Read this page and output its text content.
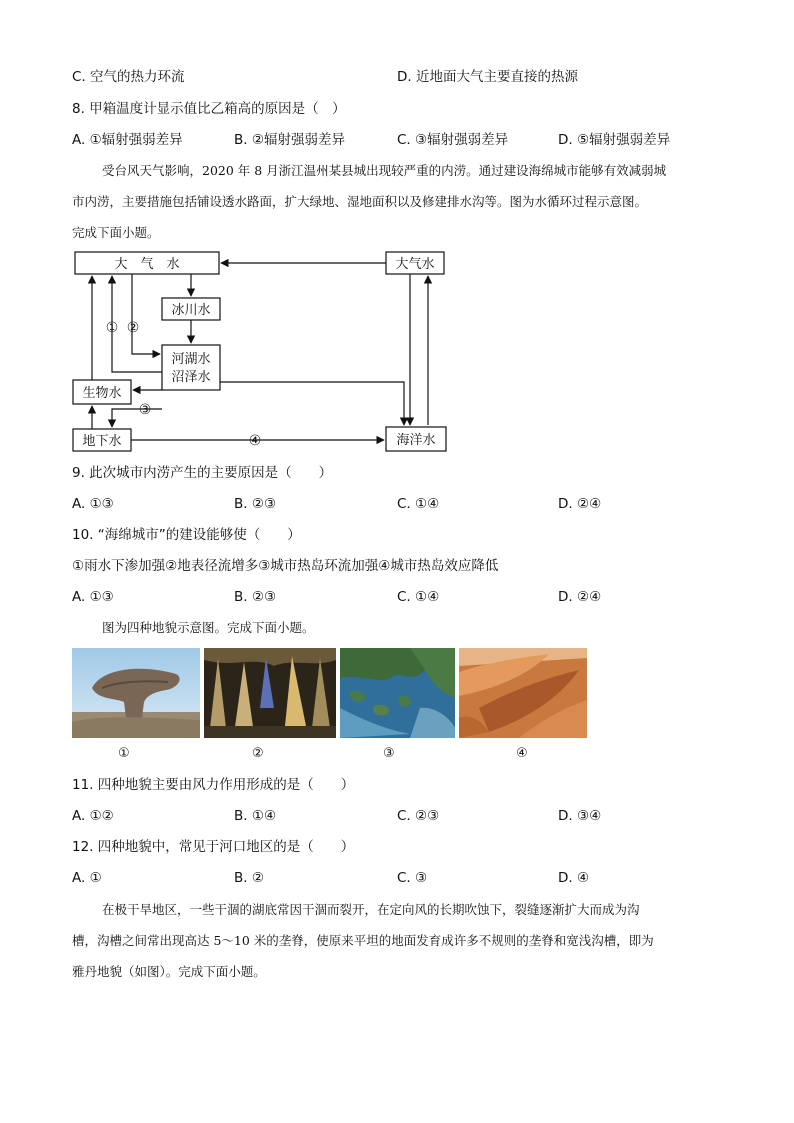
C. 空气的热力环流	D. 近地面大气主要直接的热源
8. 甲箱温度计显示值比乙箱高的原因是（　）
A. ①辐射强弱差异	B. ②辐射强弱差异	C. ③辐射强弱差异	D. ⑤辐射强弱差异
受台风天气影响，2020 年 8 月浙江温州某县城出现较严重的内涝。通过建设海绵城市能够有效减弱城
市内涝，主要措施包括铺设透水路面，扩大绿地、湿地面积以及修建排水沟等。图为水循环过程示意图。
完成下面小题。
大　气　水	大气水
冰川水
河湖水
沼泽水
生物水
地下水	海洋水
① ②
③
④
9. 此次城市内涝产生的主要原因是（　　）
A. ①③	B. ②③	C. ①④	D. ②④
10. “海绵城市”的建设能够使（　　）
①雨水下渗加强②地表径流增多③城市热岛环流加强④城市热岛效应降低
A. ①③	B. ②③	C. ①④	D. ②④
图为四种地貌示意图。完成下面小题。
①	②	③	④
11. 四种地貌主要由风力作用形成的是（　　）
A. ①②	B. ①④	C. ②③	D. ③④
12. 四种地貌中，常见于河口地区的是（　　）
A. ①	B. ②	C. ③	D. ④
在极干旱地区，一些干涸的湖底常因干涸而裂开，在定向风的长期吹蚀下，裂缝逐渐扩大而成为沟
槽，沟槽之间常出现高达 5～10 米的垄脊，使原来平坦的地面发育成许多不规则的垄脊和宽浅沟槽，即为
雅丹地貌（如图）。完成下面小题。
